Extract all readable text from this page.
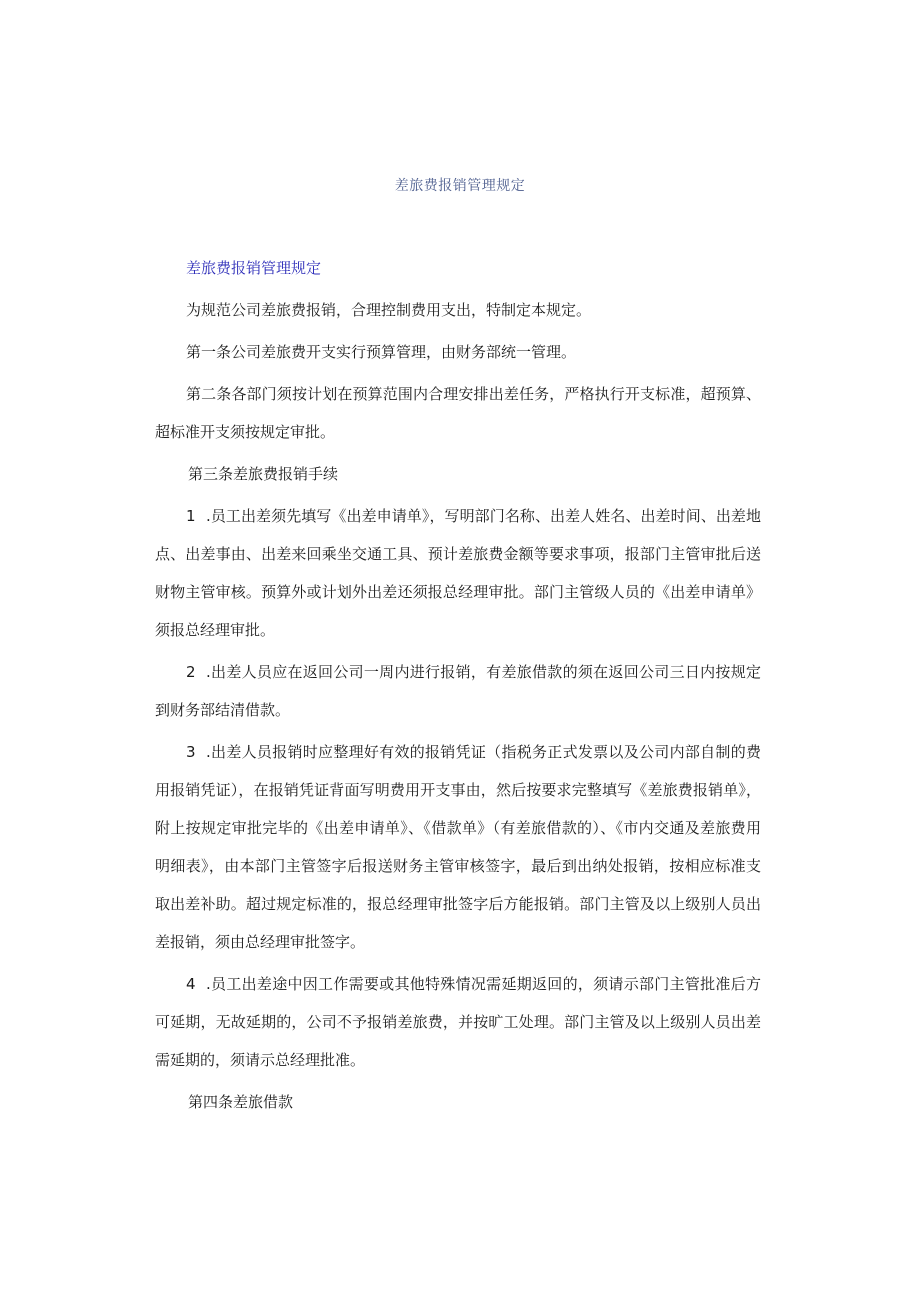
差旅费报销管理规定

差旅费报销管理规定

为规范公司差旅费报销，合理控制费用支出，特制定本规定。

第一条公司差旅费开支实行预算管理，由财务部统一管理。

第二条各部门须按计划在预算范围内合理安排出差任务，严格执行开支标准，超预算、超标准开支须按规定审批。

第三条差旅费报销手续

1 .员工出差须先填写《出差申请单》，写明部门名称、出差人姓名、出差时间、出差地点、出差事由、出差来回乘坐交通工具、预计差旅费金额等要求事项，报部门主管审批后送财物主管审核。预算外或计划外出差还须报总经理审批。部门主管级人员的《出差申请单》须报总经理审批。

2 .出差人员应在返回公司一周内进行报销，有差旅借款的须在返回公司三日内按规定到财务部结清借款。

3 .出差人员报销时应整理好有效的报销凭证（指税务正式发票以及公司内部自制的费用报销凭证），在报销凭证背面写明费用开支事由，然后按要求完整填写《差旅费报销单》，附上按规定审批完毕的《出差申请单》、《借款单》（有差旅借款的）、《市内交通及差旅费用明细表》，由本部门主管签字后报送财务主管审核签字，最后到出纳处报销，按相应标准支取出差补助。超过规定标准的，报总经理审批签字后方能报销。部门主管及以上级别人员出差报销，须由总经理审批签字。

4 .员工出差途中因工作需要或其他特殊情况需延期返回的，须请示部门主管批准后方可延期，无故延期的，公司不予报销差旅费，并按旷工处理。部门主管及以上级别人员出差需延期的，须请示总经理批准。

第四条差旅借款
